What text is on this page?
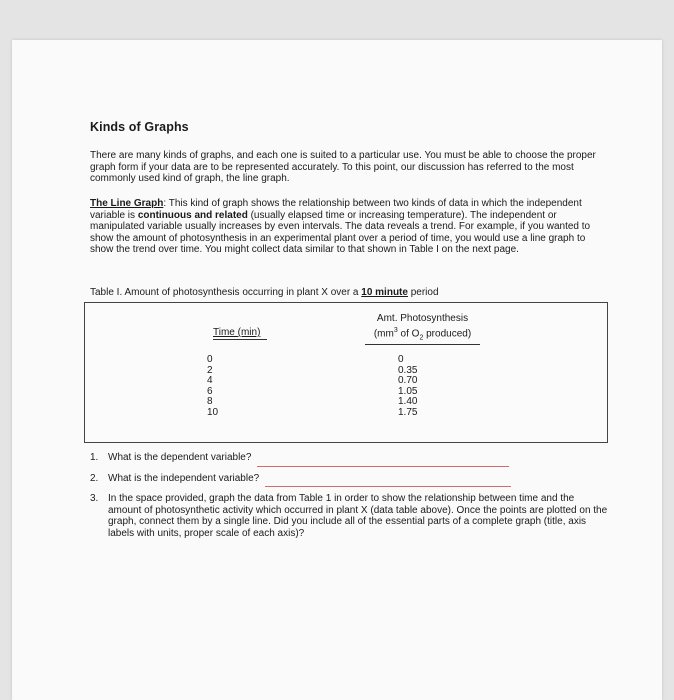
Kinds of Graphs
There are many kinds of graphs, and each one is suited to a particular use. You must be able to choose the proper graph form if your data are to be represented accurately. To this point, our discussion has referred to the most commonly used kind of graph, the line graph.
The Line Graph: This kind of graph shows the relationship between two kinds of data in which the independent variable is continuous and related (usually elapsed time or increasing temperature). The independent or manipulated variable usually increases by even intervals. The data reveals a trend. For example, if you wanted to show the amount of photosynthesis in an experimental plant over a period of time, you would use a line graph to show the trend over time. You might collect data similar to that shown in Table I on the next page.
Table I. Amount of photosynthesis occurring in plant X over a 10 minute period
Time (min)
Amt. Photosynthesis
($mm^3$ of $O_2$ produced)
0
2
4
6
8
10
0
0.35
0.70
1.05
1.40
1.75
1. What is the dependent variable?
2. What is the independent variable?
3. In the space provided, graph the data from Table 1 in order to show the relationship between time and the amount of photosynthetic activity which occurred in plant X (data table above). Once the points are plotted on the graph, connect them by a single line. Did you include all of the essential parts of a complete graph (title, axis labels with units, proper scale of each axis)?
